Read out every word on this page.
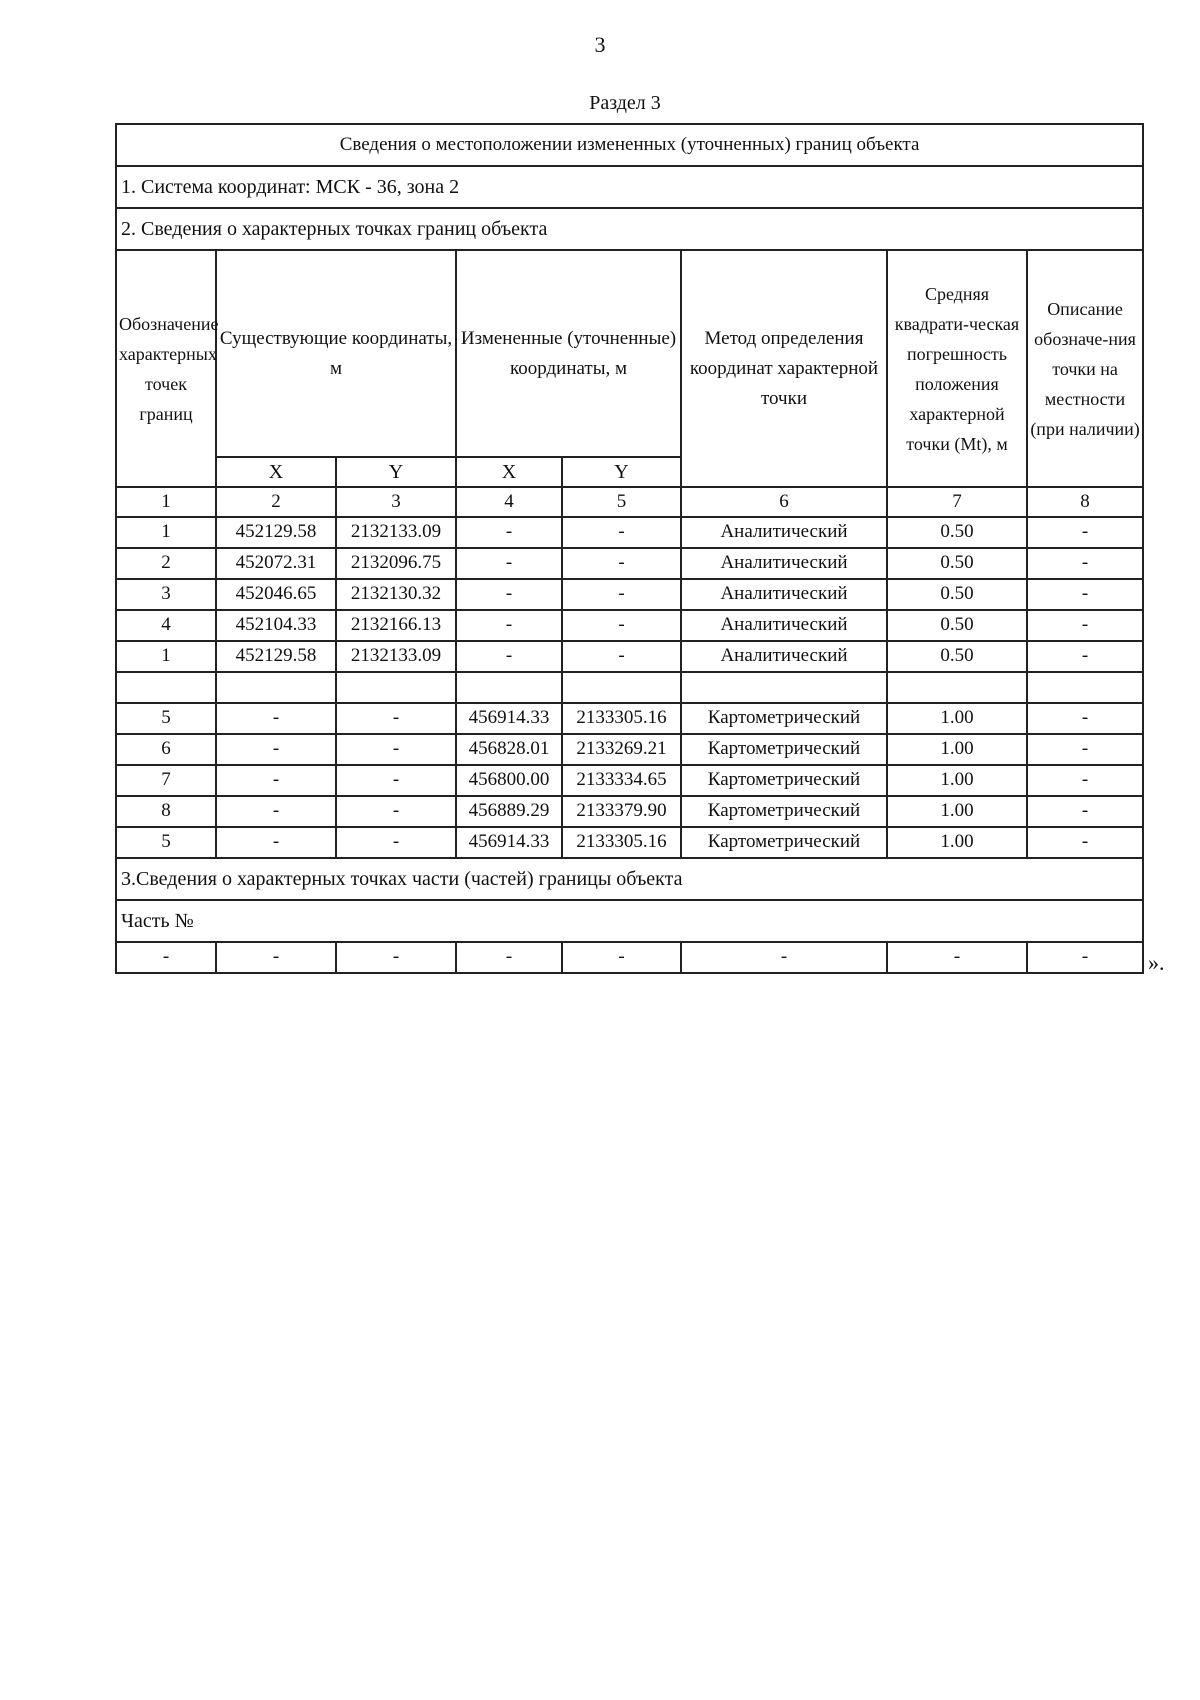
3
Раздел 3
Сведения о местоположении измененных (уточненных) границ объекта							
1. Система координат: МСК - 36, зона 2							
2. Сведения о характерных точках границ объекта							
Обозначение характерных точек границ	Существующие координаты, м		Измененные (уточненные) координаты, м		Метод определения координат характерной точки	Средняя квадрати-ческая погрешность положения характерной точки (Mt), м	Описание обозначе-ния точки на местности (при наличии)
	X	Y	X	Y			
1	2	3	4	5	6	7	8
1	452129.58	2132133.09	-	-	Аналитический	0.50	-
2	452072.31	2132096.75	-	-	Аналитический	0.50	-
3	452046.65	2132130.32	-	-	Аналитический	0.50	-
4	452104.33	2132166.13	-	-	Аналитический	0.50	-
1	452129.58	2132133.09	-	-	Аналитический	0.50	-

5	-	-	456914.33	2133305.16	Картометрический	1.00	-
6	-	-	456828.01	2133269.21	Картометрический	1.00	-
7	-	-	456800.00	2133334.65	Картометрический	1.00	-
8	-	-	456889.29	2133379.90	Картометрический	1.00	-
5	-	-	456914.33	2133305.16	Картометрический	1.00	-
3.Сведения о характерных точках части (частей) границы объекта							
Часть №							
-	-	-	-	-	-	-	-	».
